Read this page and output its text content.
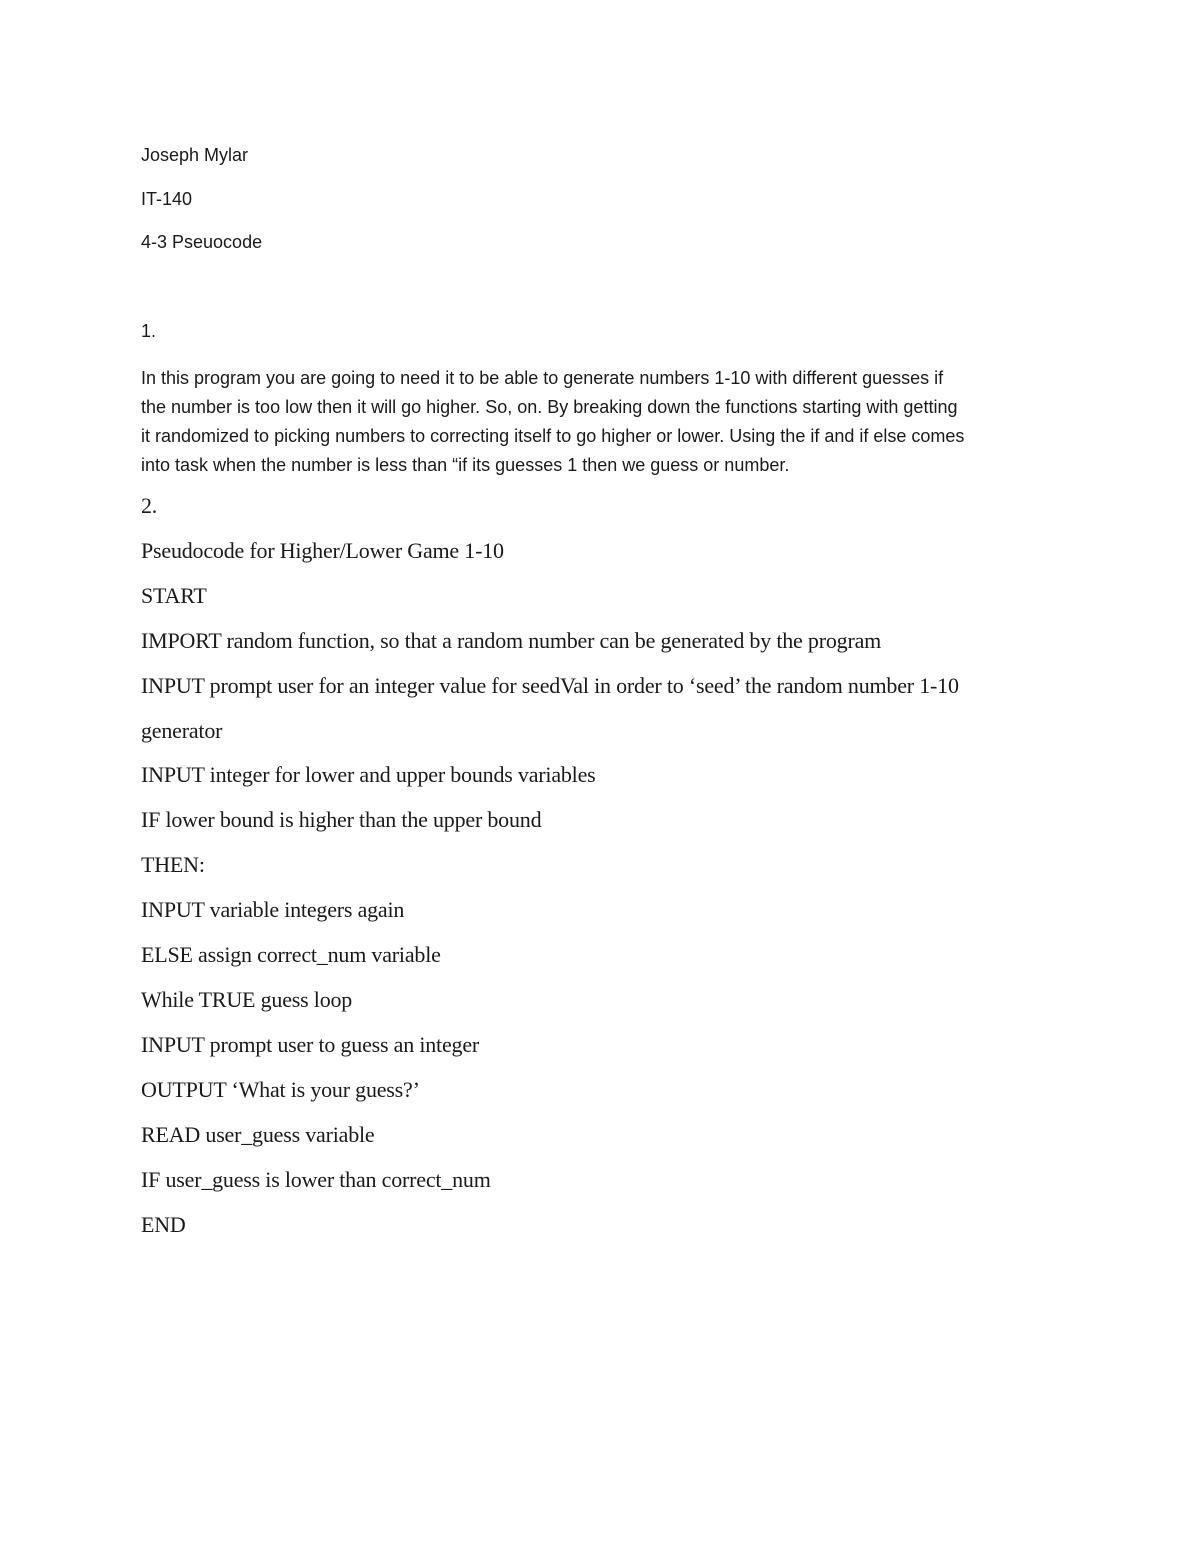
Joseph Mylar

IT-140

4-3 Pseuocode

1.

In this program you are going to need it to be able to generate numbers 1-10 with different guesses if
the number is too low then it will go higher. So, on. By breaking down the functions starting with getting
it randomized to picking numbers to correcting itself to go higher or lower. Using the if and if else comes
into task when the number is less than “if its guesses 1 then we guess or number.

2.

Pseudocode for Higher/Lower Game 1-10

START

IMPORT random function, so that a random number can be generated by the program

INPUT prompt user for an integer value for seedVal in order to ‘seed’ the random number 1-10

generator

INPUT integer for lower and upper bounds variables

IF lower bound is higher than the upper bound

THEN:

INPUT variable integers again

ELSE assign correct_num variable

While TRUE guess loop

INPUT prompt user to guess an integer

OUTPUT ‘What is your guess?’

READ user_guess variable

IF user_guess is lower than correct_num

END
